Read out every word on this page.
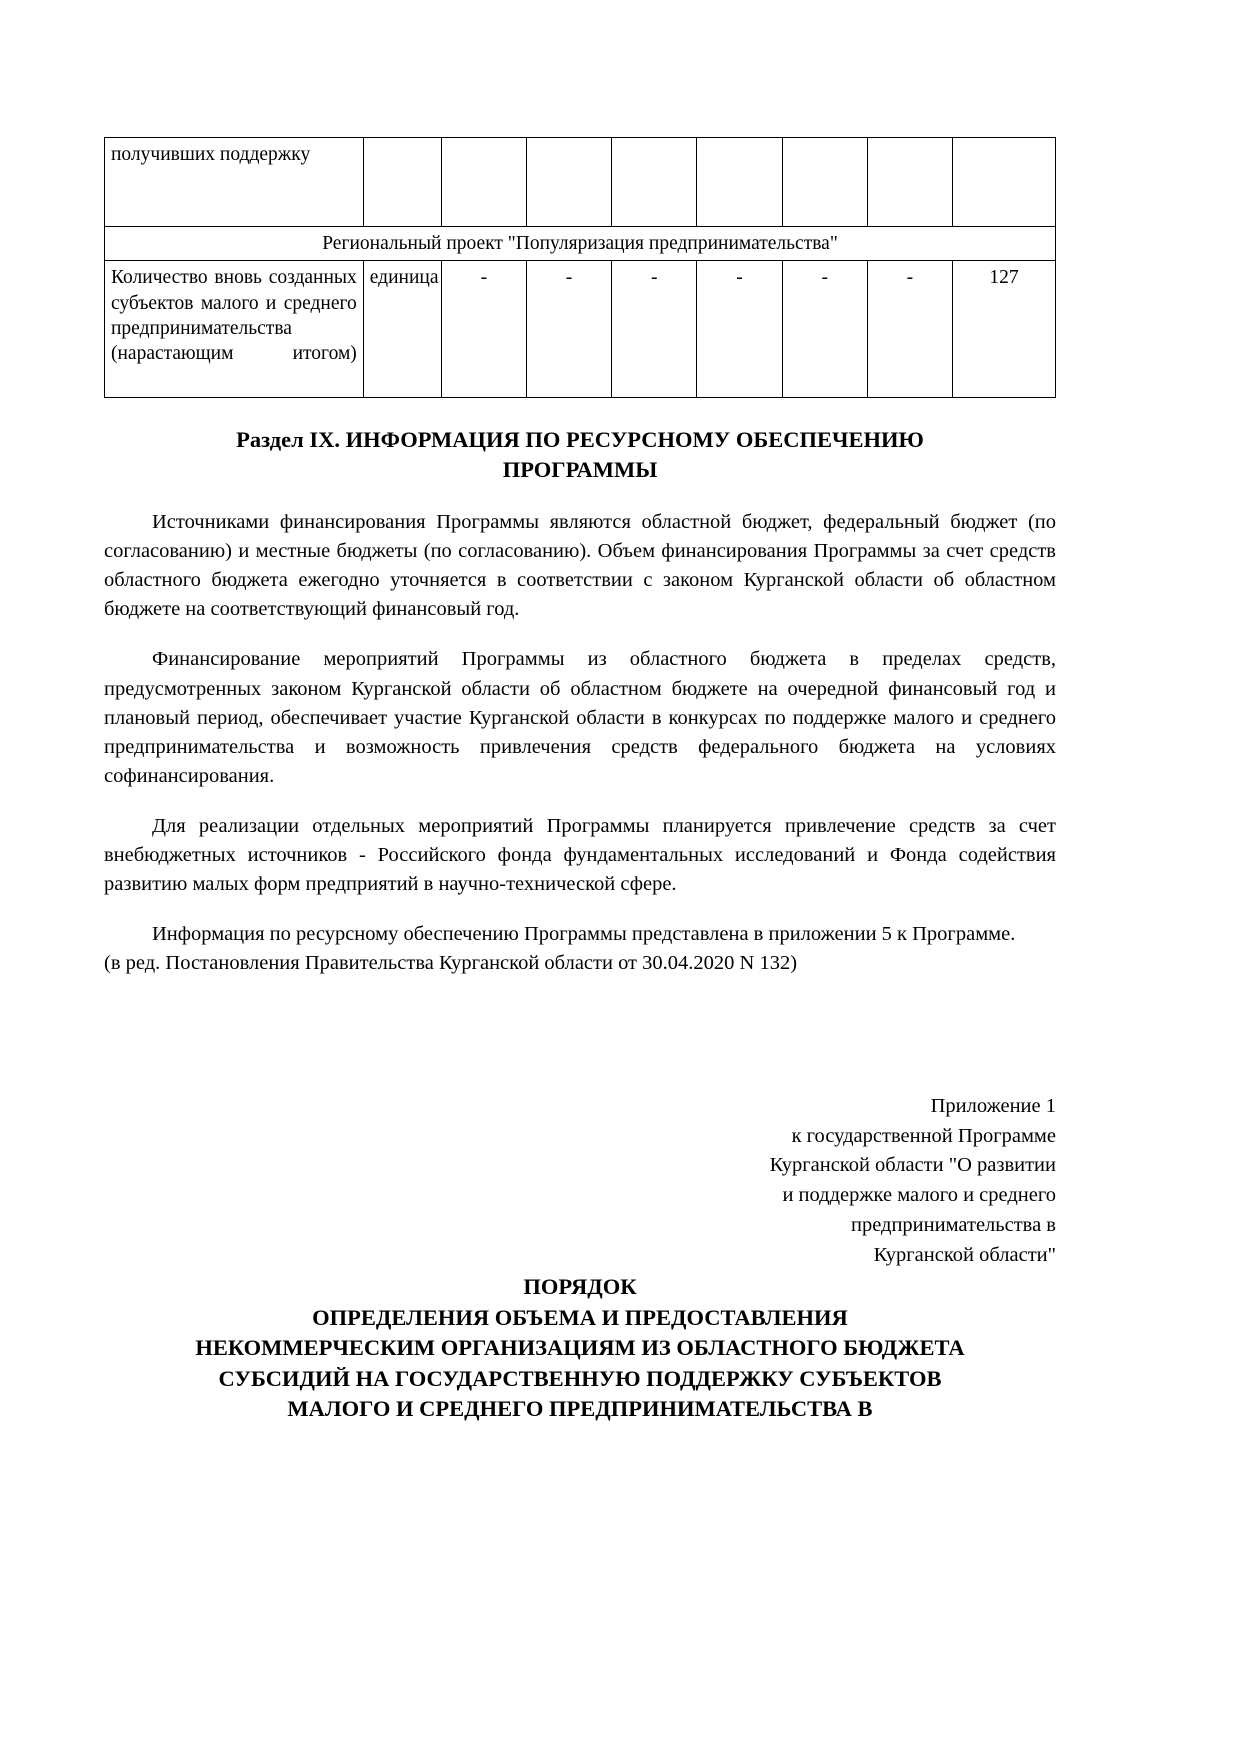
получивших поддержку								
Региональный проект "Популяризация предпринимательства"								
Количество вновь созданных субъектов малого и среднего предпринимательства (нарастающим итогом)	единица	-	-	-	-	-	-	127
Раздел IX. ИНФОРМАЦИЯ ПО РЕСУРСНОМУ ОБЕСПЕЧЕНИЮ
ПРОГРАММЫ

Источниками финансирования Программы являются областной бюджет, федеральный бюджет (по согласованию) и местные бюджеты (по согласованию). Объем финансирования Программы за счет средств областного бюджета ежегодно уточняется в соответствии с законом Курганской области об областном бюджете на соответствующий финансовый год.

Финансирование мероприятий Программы из областного бюджета в пределах средств, предусмотренных законом Курганской области об областном бюджете на очередной финансовый год и плановый период, обеспечивает участие Курганской области в конкурсах по поддержке малого и среднего предпринимательства и возможность привлечения средств федерального бюджета на условиях софинансирования.

Для реализации отдельных мероприятий Программы планируется привлечение средств за счет внебюджетных источников - Российского фонда фундаментальных исследований и Фонда содействия развитию малых форм предприятий в научно-технической сфере.

Информация по ресурсному обеспечению Программы представлена в приложении 5 к Программе.

(в ред. Постановления Правительства Курганской области от 30.04.2020 N 132)

Приложение 1
к государственной Программе
Курганской области "О развитии
и поддержке малого и среднего
предпринимательства в
Курганской области"
ПОРЯДОК
ОПРЕДЕЛЕНИЯ ОБЪЕМА И ПРЕДОСТАВЛЕНИЯ
НЕКОММЕРЧЕСКИМ ОРГАНИЗАЦИЯМ ИЗ ОБЛАСТНОГО БЮДЖЕТА
СУБСИДИЙ НА ГОСУДАРСТВЕННУЮ ПОДДЕРЖКУ СУБЪЕКТОВ
МАЛОГО И СРЕДНЕГО ПРЕДПРИНИМАТЕЛЬСТВА В
